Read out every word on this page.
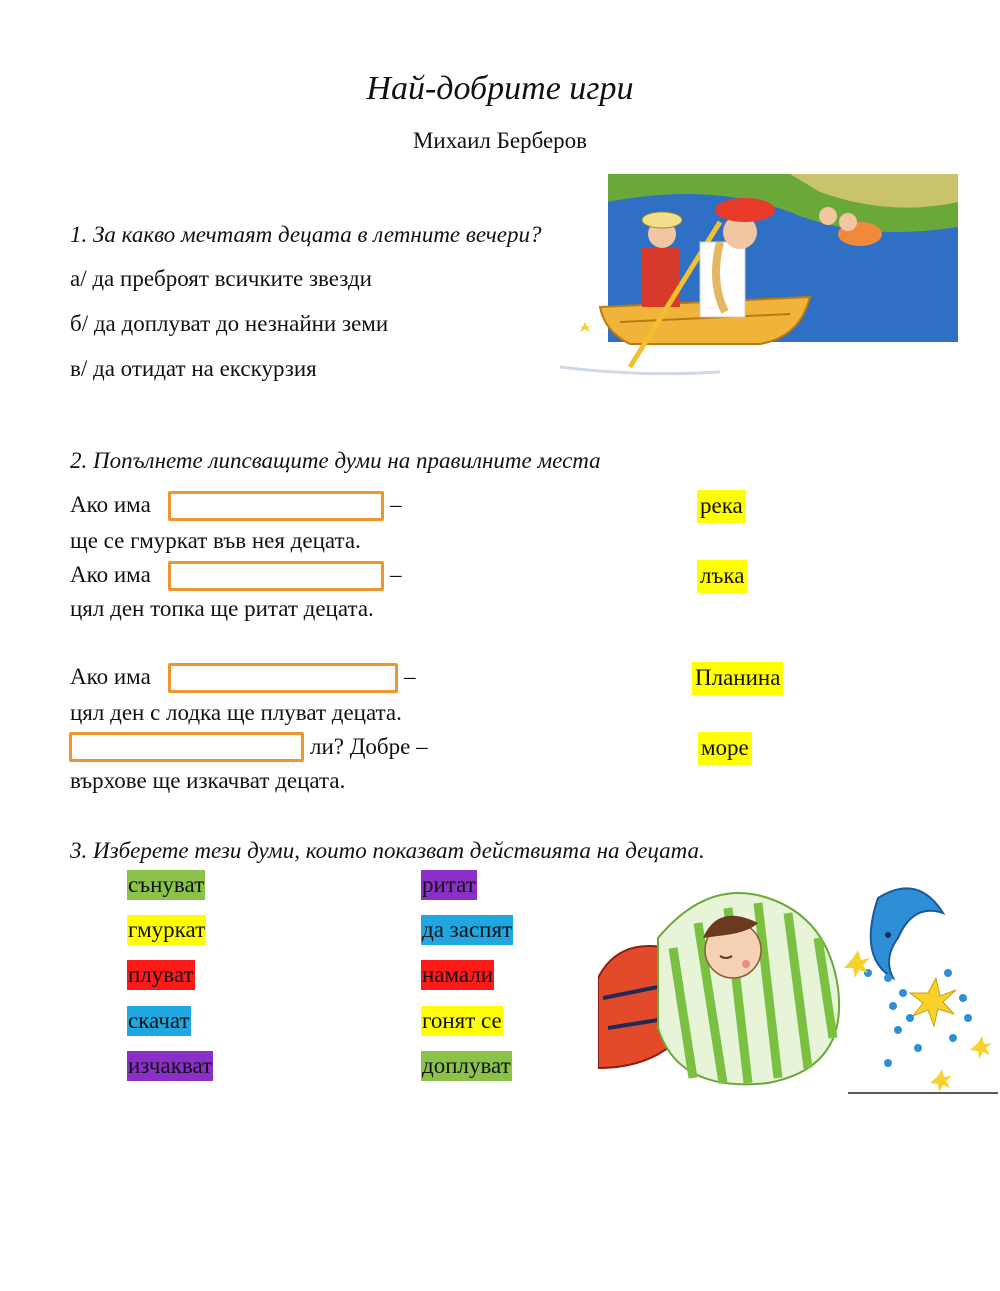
Най-добрите игри
Михаил Берберов
1. За какво мечтаят децата в летните вечери?
а/ да преброят всичките звезди
б/ да доплуват до незнайни земи
в/ да отидат на екскурзия
2. Попълнете липсващите думи на правилните места
Ако има	–
ще се гмуркат във нея децата.
Ако има	–
цял ден топка ще ритат децата.
Ако има	–
цял ден с лодка ще плуват децата.
ли? Добре –
върхове ще изкачват децата.
река
лъка
Планина
море
3. Изберете тези думи, които показват действията на децата.
сънуват
гмуркат
плуват
скачат
изчакват
ритат
да заспят
намали
гонят се
доплуват
